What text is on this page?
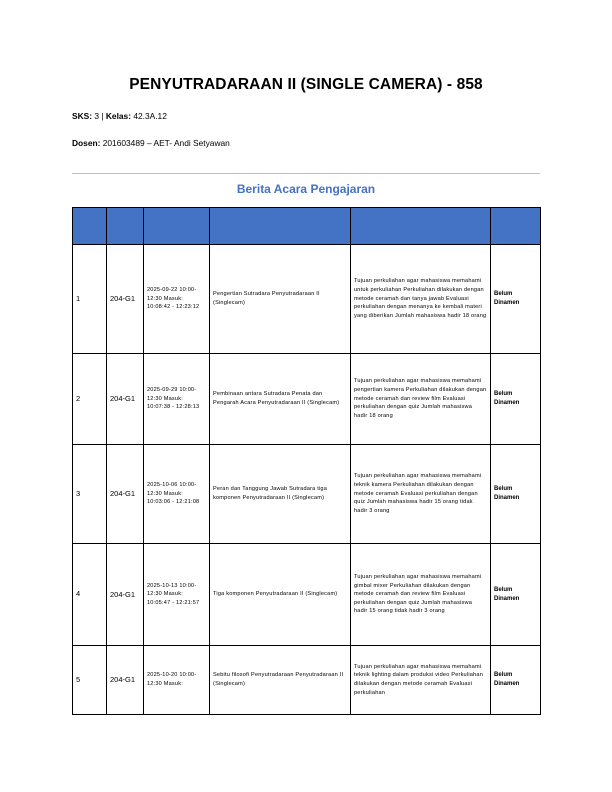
PENYUTRADARAAN II (SINGLE CAMERA) - 858
SKS: 3 | Kelas: 42.3A.12
Dosen: 201603489 – AET- Andi Setyawan
Berita Acara Pengajaran

1	204-G1	2025-09-22 10:00-12:30 Masuk: 10:08:42 - 12:23:12	Pengertian Sutradara Penyutradaraan II (Singlecam)	Tujuan perkuliahan agar mahasiswa memahami untuk perkuliahan Perkuliahan dilakukan dengan metode ceramah dan tanya jawab Evaluasi perkuliahan dengan menanya ke kembali materi yang diberikan Jumlah mahasiswa hadir 18 orang	Belum Dinamen
2	204-G1	2025-09-29 10:00-12:30 Masuk: 10:07:38 - 12:28:13	Pembinaan antara Sutradara Penata dan Pengarah Acara Penyutradaraan II (Singlecam)	Tujuan perkuliahan agar mahasiswa memahami pengertian kamera Perkuliahan dilakukan dengan metode ceramah dan review film Evaluasi perkuliahan dengan quiz Jumlah mahasiswa hadir 18 orang	Belum Dinamen
3	204-G1	2025-10-06 10:00-12:30 Masuk: 10:03:06 - 12:21:08	Peran dan Tanggung Jawab Sutradara tiga komponen Penyutradaraan II (Singlecam)	Tujuan perkuliahan agar mahasiswa memahami teknik kamera Perkuliahan dilakukan dengan metode ceramah Evaluasi perkuliahan dengan quiz Jumlah mahasiswa hadir 15 orang tidak hadir 3 orang	Belum Dinamen
4	204-G1	2025-10-13 10:00-12:30 Masuk: 10:05:47 - 12:21:57	Tiga komponen Penyutradaraan II (Singlecam)	Tujuan perkuliahan agar mahasiswa memahami gimbal mixer Perkuliahan dilakukan dengan metode ceramah dan review film Evaluasi perkuliahan dengan quiz Jumlah mahasiswa hadir 15 orang tidak hadir 3 orang	Belum Dinamen
5	204-G1	2025-10-20 10:00-12:30 Masuk:	Sebitu filosofi Penyutradaraan Penyutradaraan II (Singlecam)	Tujuan perkuliahan agar mahasiswa memahami teknik lighting dalam produksi video Perkuliahan dilakukan dengan metode ceramah Evaluasi perkuliahan	Belum Dinamen
